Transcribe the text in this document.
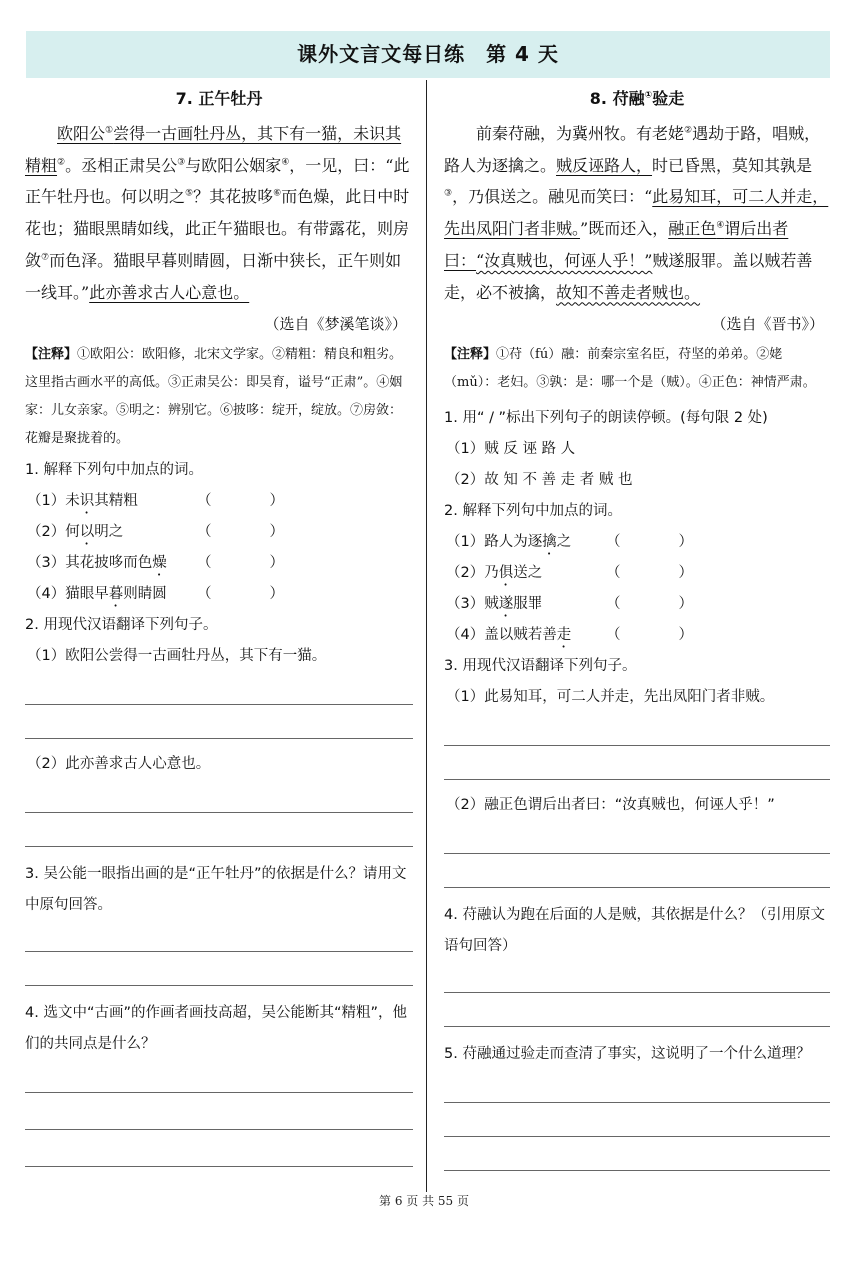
课外文言文每日练　第 4 天
7. 正午牡丹

欧阳公①尝得一古画牡丹丛，其下有一猫，未识其精粗②。丞相正肃吴公③与欧阳公姻家④，一见，曰：“此正午牡丹也。何以明之⑤？其花披哆⑥而色燥，此日中时花也；猫眼黑睛如线，此正午猫眼也。有带露花，则房敛⑦而色泽。猫眼早暮则睛圆，日渐中狭长，正午则如一线耳。”此亦善求古人心意也。

（选自《梦溪笔谈》）
【注释】①欧阳公：欧阳修，北宋文学家。②精粗：精良和粗劣。这里指古画水平的高低。③正肃吴公：即吴育，谥号“正肃”。④姻家：儿女亲家。⑤明之：辨别它。⑥披哆：绽开，绽放。⑦房敛：花瓣是聚拢着的。
1. 解释下列句中加点的词。
（1）未识其精粗	（　　　　）
（2）何以明之	（　　　　）
（3）其花披哆而色燥 （　　　　）
（4）猫眼早暮则睛圆 （　　　　）
2. 用现代汉语翻译下列句子。
（1）欧阳公尝得一古画牡丹丛，其下有一猫。
（2）此亦善求古人心意也。
3. 吴公能一眼指出画的是“正午牡丹”的依据是什么？请用文中原句回答。
4. 选文中“古画”的作画者画技高超，吴公能断其“精粗”，他们的共同点是什么？
8. 苻融①验走

前秦苻融，为冀州牧。有老姥②遇劫于路，唱贼，路人为逐擒之。贼反诬路人，时已昏黑，莫知其孰是③，乃俱送之。融见而笑曰：“此易知耳，可二人并走，先出凤阳门者非贼。”既而还入，融正色④谓后出者曰：“汝真贼也，何诬人乎！”贼遂服罪。盖以贼若善走，必不被擒，故知不善走者贼也。

（选自《晋书》）
【注释】①苻（fú）融：前秦宗室名臣，苻坚的弟弟。②姥（mǔ）：老妇。③孰：是：哪一个是（贼）。④正色：神情严肃。
1. 用“ / ”标出下列句子的朗读停顿。(每句限 2 处)
（1）贼 反 诬 路 人
（2）故 知 不 善 走 者 贼 也
2. 解释下列句中加点的词。
（1）路人为逐擒之 （　　　　）
（2）乃俱送之	（　　　　）
（3）贼遂服罪	（　　　　）
（4）盖以贼若善走 （　　　　）
3. 用现代汉语翻译下列句子。
（1）此易知耳，可二人并走，先出凤阳门者非贼。
（2）融正色谓后出者曰：“汝真贼也，何诬人乎！”
4. 苻融认为跑在后面的人是贼，其依据是什么？（引用原文语句回答）
5. 苻融通过验走而查清了事实，这说明了一个什么道理？
第 6 页 共 55 页
